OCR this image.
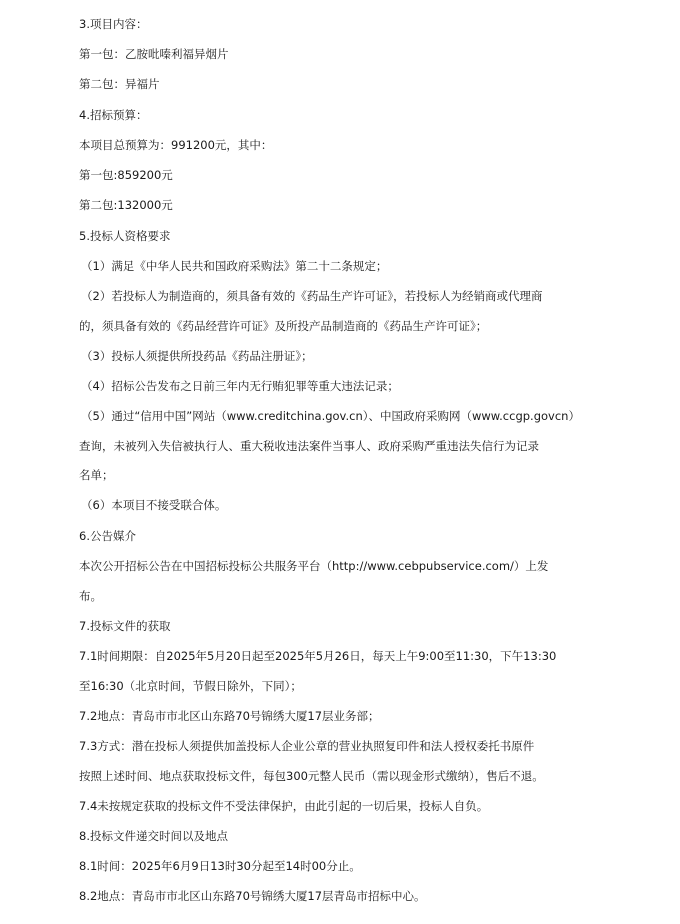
3.项目内容：
第一包：乙胺吡嗪利福异烟片
第二包：异福片
4.招标预算：
本项目总预算为：991200元，其中：
第一包:859200元
第二包:132000元
5.投标人资格要求
（1）满足《中华人民共和国政府采购法》第二十二条规定；
（2）若投标人为制造商的，须具备有效的《药品生产许可证》，若投标人为经销商或代理商
的，须具备有效的《药品经营许可证》及所投产品制造商的《药品生产许可证》；
（3）投标人须提供所投药品《药品注册证》；
（4）招标公告发布之日前三年内无行贿犯罪等重大违法记录；
（5）通过“信用中国”网站（www.creditchina.gov.cn）、中国政府采购网（www.ccgp.govcn）
查询，未被列入失信被执行人、重大税收违法案件当事人、政府采购严重违法失信行为记录
名单；
（6）本项目不接受联合体。
6.公告媒介
本次公开招标公告在中国招标投标公共服务平台（http://www.cebpubservice.com/）上发
布。
7.投标文件的获取
7.1时间期限：自2025年5月20日起至2025年5月26日，每天上午9:00至11:30，下午13:30
至16:30（北京时间，节假日除外，下同）；
7.2地点：青岛市市北区山东路70号锦绣大厦17层业务部；
7.3方式：潜在投标人须提供加盖投标人企业公章的营业执照复印件和法人授权委托书原件
按照上述时间、地点获取投标文件，每包300元整人民币（需以现金形式缴纳），售后不退。
7.4未按规定获取的投标文件不受法律保护，由此引起的一切后果，投标人自负。
8.投标文件递交时间以及地点
8.1时间：2025年6月9日13时30分起至14时00分止。
8.2地点：青岛市市北区山东路70号锦绣大厦17层青岛市招标中心。
